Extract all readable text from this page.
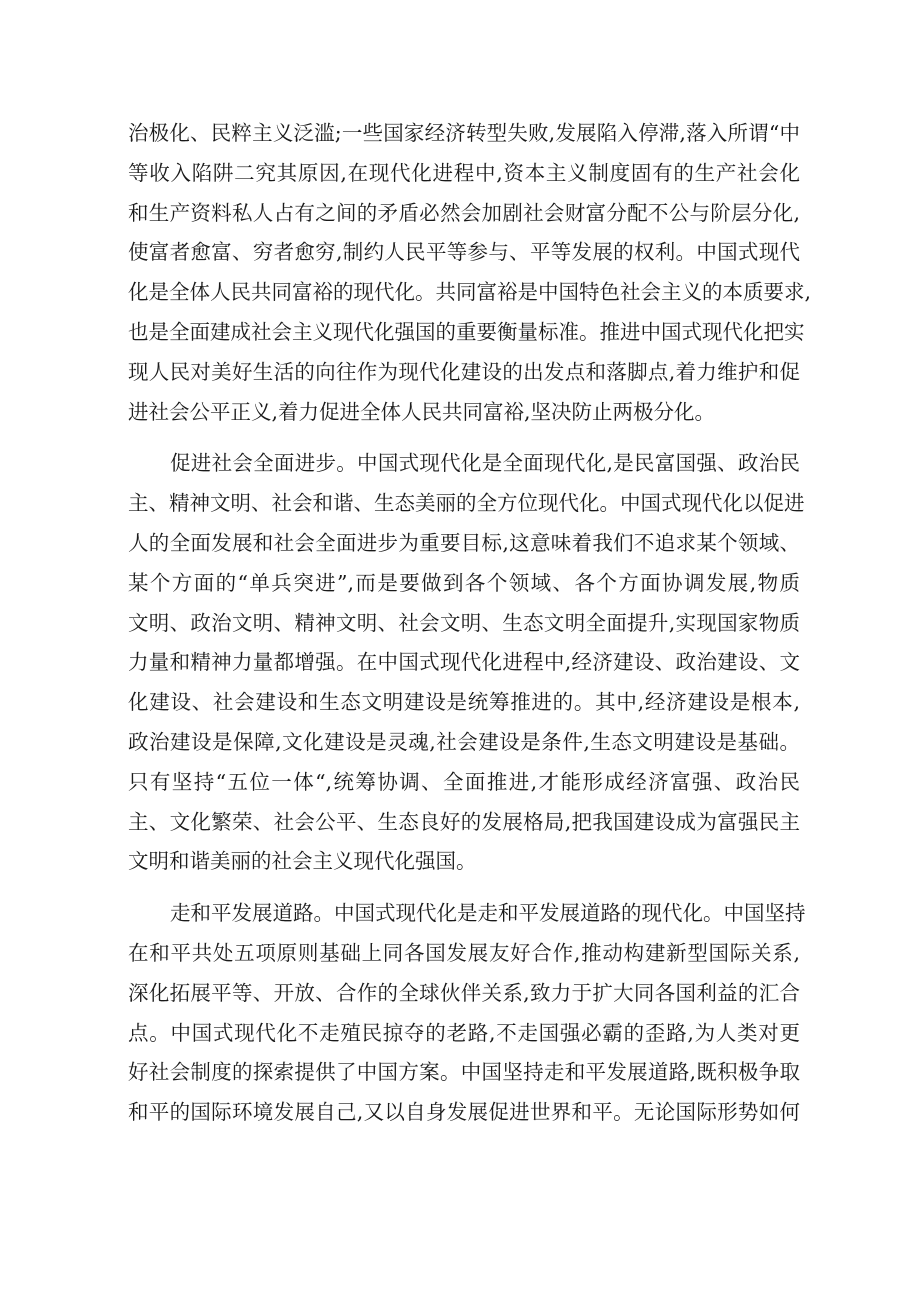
治极化、民粹主义泛滥;一些国家经济转型失败,发展陷入停滞,落入所谓“中
等收入陷阱二究其原因,在现代化进程中,资本主义制度固有的生产社会化
和生产资料私人占有之间的矛盾必然会加剧社会财富分配不公与阶层分化,
使富者愈富、穷者愈穷,制约人民平等参与、平等发展的权利。中国式现代
化是全体人民共同富裕的现代化。共同富裕是中国特色社会主义的本质要求,
也是全面建成社会主义现代化强国的重要衡量标准。推进中国式现代化把实
现人民对美好生活的向往作为现代化建设的出发点和落脚点,着力维护和促
进社会公平正义,着力促进全体人民共同富裕,坚决防止两极分化。
促进社会全面进步。中国式现代化是全面现代化,是民富国强、政治民
主、精神文明、社会和谐、生态美丽的全方位现代化。中国式现代化以促进
人的全面发展和社会全面进步为重要目标,这意味着我们不追求某个领域、
某个方面的“单兵突进”,而是要做到各个领域、各个方面协调发展,物质
文明、政治文明、精神文明、社会文明、生态文明全面提升,实现国家物质
力量和精神力量都增强。在中国式现代化进程中,经济建设、政治建设、文
化建设、社会建设和生态文明建设是统筹推进的。其中,经济建设是根本,
政治建设是保障,文化建设是灵魂,社会建设是条件,生态文明建设是基础。
只有坚持“五位一体“,统筹协调、全面推进,才能形成经济富强、政治民
主、文化繁荣、社会公平、生态良好的发展格局,把我国建设成为富强民主
文明和谐美丽的社会主义现代化强国。
走和平发展道路。中国式现代化是走和平发展道路的现代化。中国坚持
在和平共处五项原则基础上同各国发展友好合作,推动构建新型国际关系,
深化拓展平等、开放、合作的全球伙伴关系,致力于扩大同各国利益的汇合
点。中国式现代化不走殖民掠夺的老路,不走国强必霸的歪路,为人类对更
好社会制度的探索提供了中国方案。中国坚持走和平发展道路,既积极争取
和平的国际环境发展自己,又以自身发展促进世界和平。无论国际形势如何
